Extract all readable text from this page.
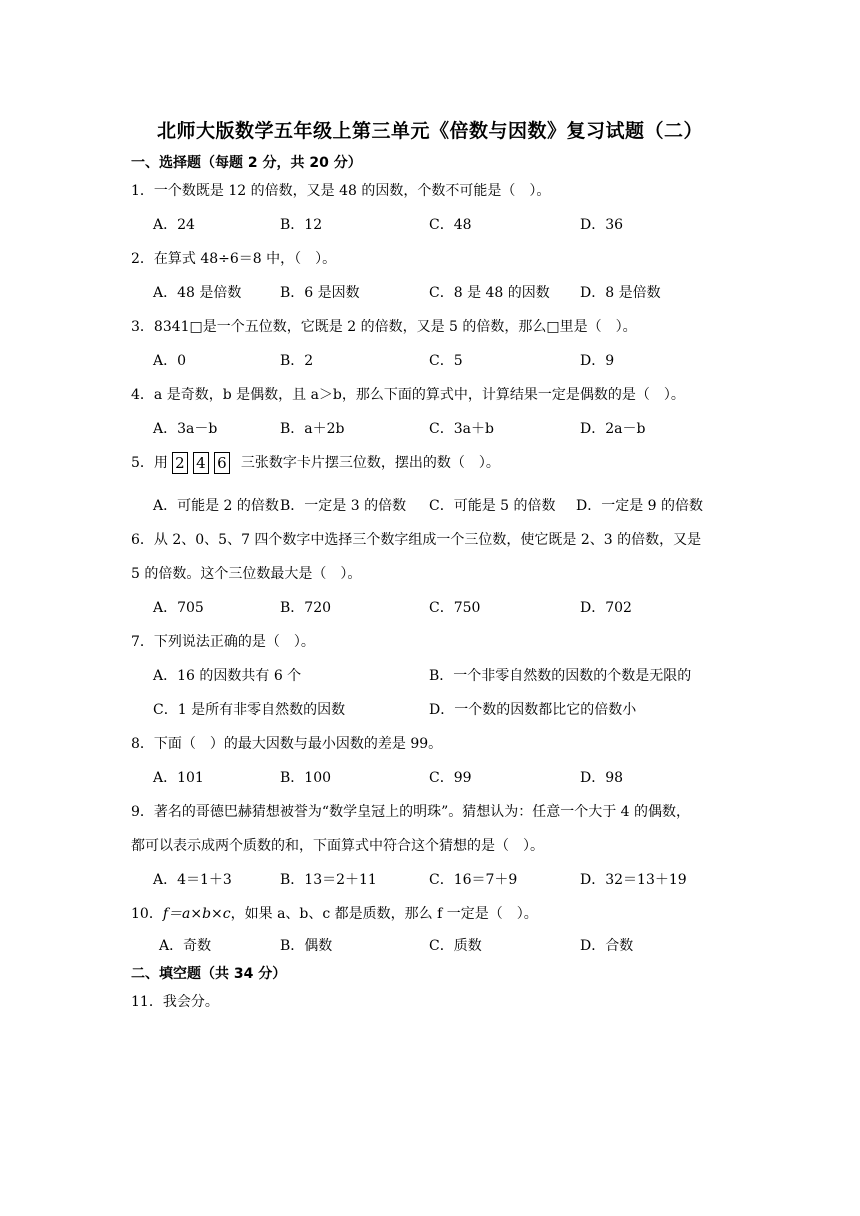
北师大版数学五年级上第三单元《倍数与因数》复习试题（二）
一、选择题（每题 2 分，共 20 分）
1．一个数既是 12 的倍数，又是 48 的因数，个数不可能是（　）。
A．24	B．12	C．48	D．36
2．在算式 48÷6＝8 中，（　）。
A．48 是倍数	B．6 是因数	C．8 是 48 的因数 D．8 是倍数
3．8341□是一个五位数，它既是 2 的倍数，又是 5 的倍数，那么□里是（　）。
A．0	B．2	C．5	D．9
4．a 是奇数，b 是偶数，且 a＞b，那么下面的算式中，计算结果一定是偶数的是（　）。
A．3a－b	B．a＋2b	C．3a＋b	D．2a－b
5．用 2 4 6 三张数字卡片摆三位数，摆出的数（　）。
A．可能是 2 的倍数 B．一定是 3 的倍数 C．可能是 5 的倍数 D．一定是 9 的倍数
6．从 2、0、5、7 四个数字中选择三个数字组成一个三位数，使它既是 2、3 的倍数，又是
5 的倍数。这个三位数最大是（　）。
A．705	B．720	C．750	D．702
7．下列说法正确的是（　）。
A．16 的因数共有 6 个	B．一个非零自然数的因数的个数是无限的
C．1 是所有非零自然数的因数	D．一个数的因数都比它的倍数小
8．下面（　）的最大因数与最小因数的差是 99。
A．101	B．100	C．99	D．98
9．著名的哥德巴赫猜想被誉为“数学皇冠上的明珠”。猜想认为：任意一个大于 4 的偶数，
都可以表示成两个质数的和，下面算式中符合这个猜想的是（　）。
A．4＝1＋3	B．13＝2＋11	C．16＝7＋9	D．32＝13＋19
10．f＝a×b×c，如果 a、b、c 都是质数，那么 f 一定是（　）。
A．奇数	B．偶数	C．质数	D．合数
二、填空题（共 34 分）
11．我会分。
